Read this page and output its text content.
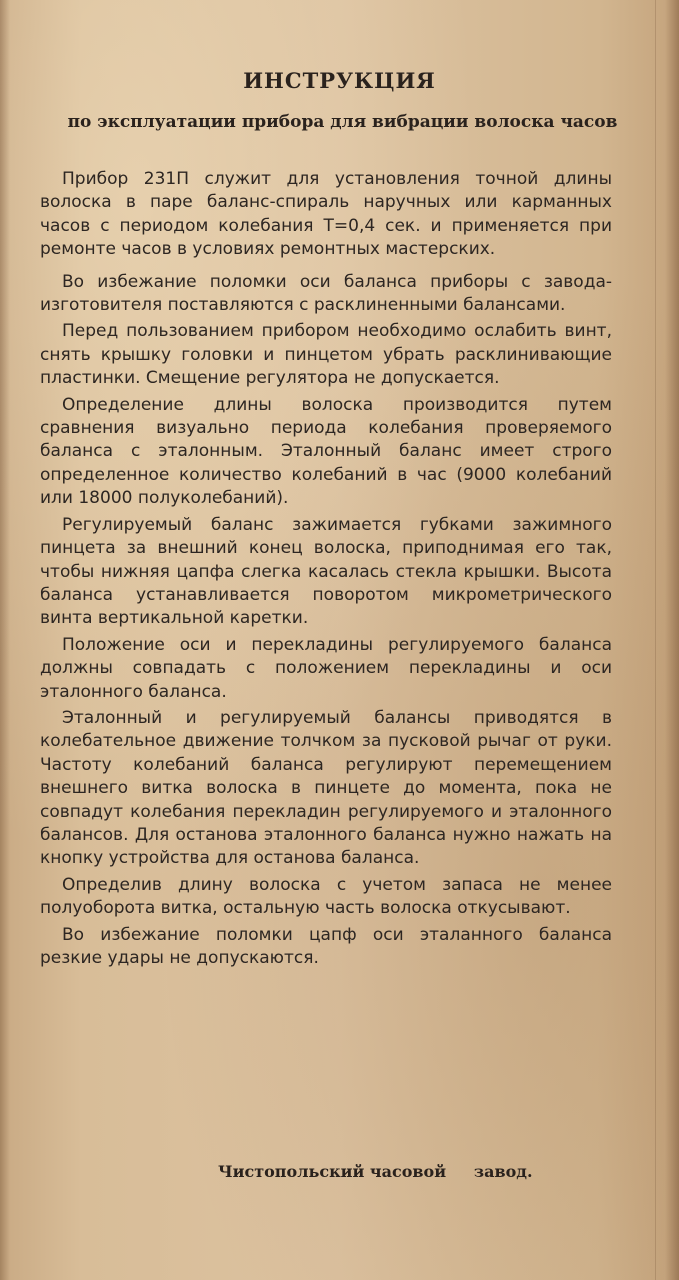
ИНСТРУКЦИЯ
по эксплуатации прибора для вибрации волоска часов

Прибор 231П служит для установления точной длины волоска в паре баланс-спираль наручных или карманных часов с периодом колебания Т=0,4 сек. и применяется при ремонте часов в условиях ремонтных мастерских.

Во избежание поломки оси баланса приборы с завода-изготовителя поставляются с расклиненными балансами.

Перед пользованием прибором необходимо ослабить винт, снять крышку головки и пинцетом убрать расклинивающие пластинки. Смещение регулятора не допускается.

Определение длины волоска производится путем сравнения визуально периода колебания проверяемого баланса с эталонным. Эталонный баланс имеет строго определенное количество колебаний в час (9000 колебаний или 18000 полуколебаний).

Регулируемый баланс зажимается губками зажимного пинцета за внешний конец волоска, приподнимая его так, чтобы нижняя цапфа слегка касалась стекла крышки. Высота баланса устанавливается поворотом микрометрического винта вертикальной каретки.

Положение оси и перекладины регулируемого баланса должны совпадать с положением перекладины и оси эталонного баланса.

Эталонный и регулируемый балансы приводятся в колебательное движение толчком за пусковой рычаг от руки. Частоту колебаний баланса регулируют перемещением внешнего витка волоска в пинцете до момента, пока не совпадут колебания перекладин регулируемого и эталонного балансов. Для останова эталонного баланса нужно нажать на кнопку устройства для останова баланса.

Определив длину волоска с учетом запаса не менее полуоборота витка, остальную часть волоска откусывают.

Во избежание поломки цапф оси эталанного баланса резкие удары не допускаются.

Чистопольский часовой     завод.
